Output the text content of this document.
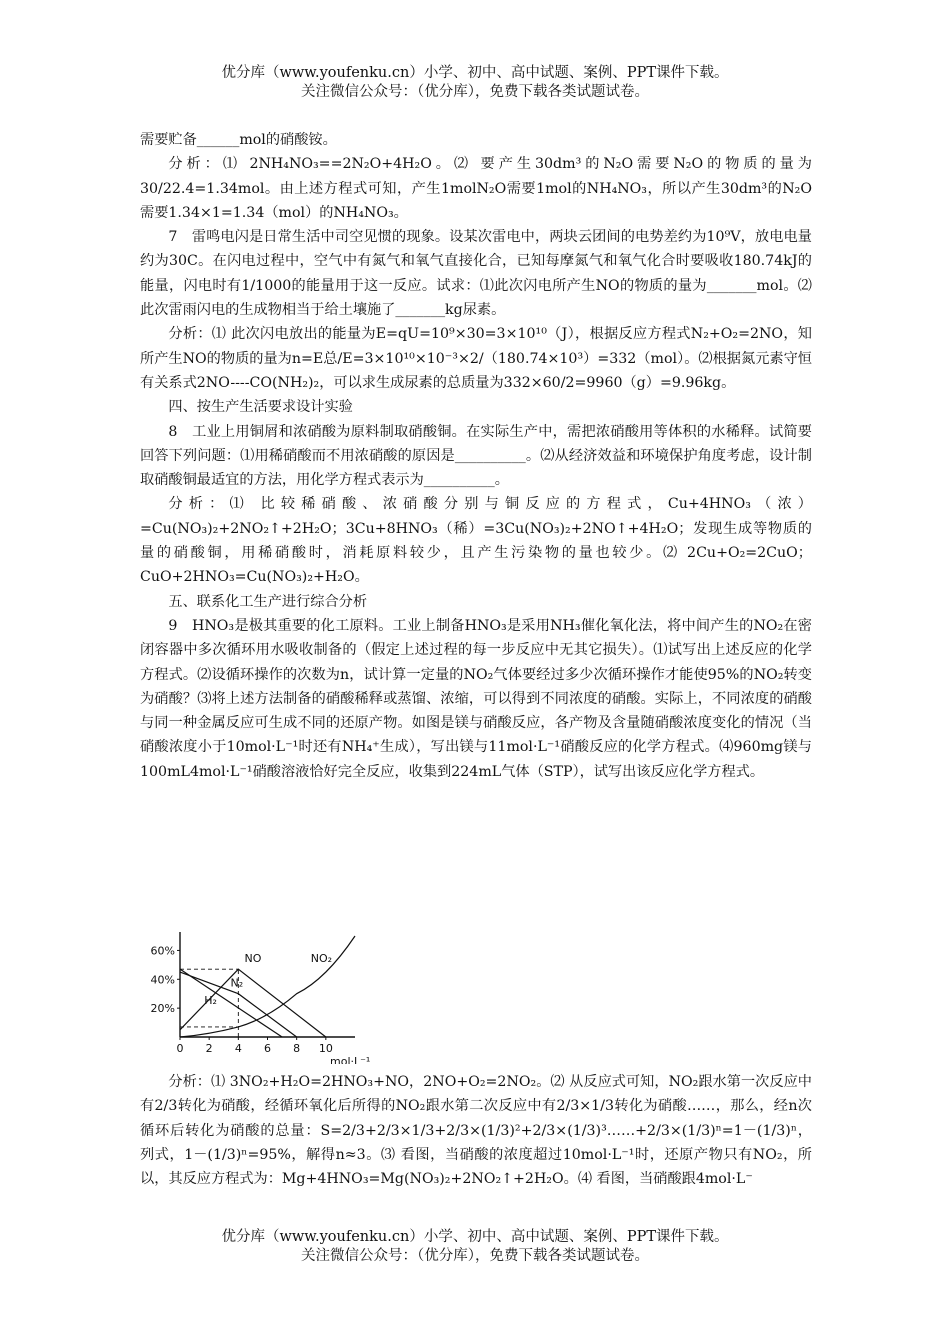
优分库（www.youfenku.cn）小学、初中、高中试题、案例、PPT课件下载。
关注微信公众号：（优分库），免费下载各类试题试卷。

需要贮备______mol的硝酸铵。

分析：⑴ 2NH₄NO₃==2N₂O+4H₂O。⑵ 要产生30dm³的N₂O需要N₂O的物质的量为30/22.4=1.34mol。由上述方程式可知，产生1molN₂O需要1mol的NH₄NO₃，所以产生30dm³的N₂O需要1.34×1=1.34（mol）的NH₄NO₃。

7　雷鸣电闪是日常生活中司空见惯的现象。设某次雷电中，两块云团间的电势差约为10⁹V，放电电量约为30C。在闪电过程中，空气中有氮气和氧气直接化合，已知每摩氮气和氧气化合时要吸收180.74kJ的能量，闪电时有1/1000的能量用于这一反应。试求：⑴此次闪电所产生NO的物质的量为_______mol。⑵此次雷雨闪电的生成物相当于给土壤施了_______kg尿素。

分析：⑴ 此次闪电放出的能量为E=qU=10⁹×30=3×10¹⁰（J），根据反应方程式N₂+O₂=2NO，知所产生NO的物质的量为n=E总/E=3×10¹⁰×10⁻³×2/（180.74×10³）=332（mol）。⑵根据氮元素守恒有关系式2NO----CO(NH₂)₂，可以求生成尿素的总质量为332×60/2=9960（g）=9.96kg。

四、按生产生活要求设计实验

8　工业上用铜屑和浓硝酸为原料制取硝酸铜。在实际生产中，需把浓硝酸用等体积的水稀释。试简要回答下列问题：⑴用稀硝酸而不用浓硝酸的原因是__________。⑵从经济效益和环境保护角度考虑，设计制取硝酸铜最适宜的方法，用化学方程式表示为__________。

分析：⑴ 比较稀硝酸、浓硝酸分别与铜反应的方程式，Cu+4HNO₃（浓）=Cu(NO₃)₂+2NO₂↑+2H₂O；3Cu+8HNO₃（稀）=3Cu(NO₃)₂+2NO↑+4H₂O；发现生成等物质的量的硝酸铜，用稀硝酸时，消耗原料较少，且产生污染物的量也较少。⑵ 2Cu+O₂=2CuO；CuO+2HNO₃=Cu(NO₃)₂+H₂O。

五、联系化工生产进行综合分析

9　HNO₃是极其重要的化工原料。工业上制备HNO₃是采用NH₃催化氧化法，将中间产生的NO₂在密闭容器中多次循环用水吸收制备的（假定上述过程的每一步反应中无其它损失）。⑴试写出上述反应的化学方程式。⑵设循环操作的次数为n，试计算一定量的NO₂气体要经过多少次循环操作才能使95%的NO₂转变为硝酸？⑶将上述方法制备的硝酸稀释或蒸馏、浓缩，可以得到不同浓度的硝酸。实际上，不同浓度的硝酸与同一种金属反应可生成不同的还原产物。如图是镁与硝酸反应，各产物及含量随硝酸浓度变化的情况（当硝酸浓度小于10mol·L⁻¹时还有NH₄⁺生成），写出镁与11mol·L⁻¹硝酸反应的化学方程式。⑷960mg镁与100mL4mol·L⁻¹硝酸溶液恰好完全反应，收集到224mL气体（STP），试写出该反应化学方程式。

20%
40%
60%
0 2 4 6 8 10
mol·L⁻¹
NO	NO₂
N₂
H₂

分析：⑴ 3NO₂+H₂O=2HNO₃+NO，2NO+O₂=2NO₂。⑵ 从反应式可知，NO₂跟水第一次反应中有2/3转化为硝酸，经循环氧化后所得的NO₂跟水第二次反应中有2/3×1/3转化为硝酸……，那么，经n次循环后转化为硝酸的总量：S=2/3+2/3×1/3+2/3×(1/3)²+2/3×(1/3)³……+2/3×(1/3)ⁿ=1－(1/3)ⁿ，列式，1－(1/3)ⁿ=95%，解得n≈3。⑶ 看图，当硝酸的浓度超过10mol·L⁻¹时，还原产物只有NO₂，所以，其反应方程式为：Mg+4HNO₃=Mg(NO₃)₂+2NO₂↑+2H₂O。⑷ 看图，当硝酸跟4mol·L⁻

优分库（www.youfenku.cn）小学、初中、高中试题、案例、PPT课件下载。
关注微信公众号：（优分库），免费下载各类试题试卷。
